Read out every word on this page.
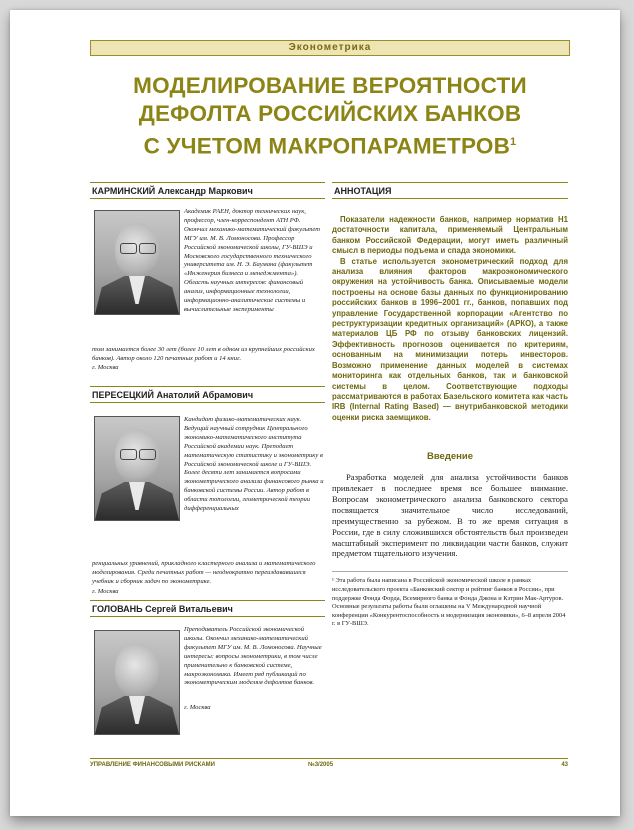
Эконометрика
МОДЕЛИРОВАНИЕ ВЕРОЯТНОСТИ
ДЕФОЛТА РОССИЙСКИХ БАНКОВ
С УЧЕТОМ МАКРОПАРАМЕТРОВ$^1$
КАРМИНСКИЙ Александр Маркович
Академик РАЕН, доктор технических наук, профессор, член-корреспондент АТН РФ. Окончил механико-математический факультет МГУ им. М. В. Ломоносова. Профессор Российской экономической школы, ГУ-ВШЭ и Московского государственного технического университета им. Н. Э. Баумана (факультет «Инженерия бизнеса и менеджмента»). Область научных интересов: финансовый анализ, информационные технологии, информационно-аналитические системы и вычислительные эксперименты
том занимается более 30 лет (более 10 лет в одном из крупнейших российских банков). Автор около 120 печатных работ и 14 книг.
г. Москва
ПЕРЕСЕЦКИЙ Анатолий Абрамович
Кандидат физико-математических наук. Ведущий научный сотрудник Центрального экономико-математического института Российской академии наук. Преподает математическую статистику и эконометрику в Российской экономической школе и ГУ-ВШЭ. Более десяти лет занимается вопросами эконометрического анализа финансового рынка и банковской системы России. Автор работ в области топологии, геометрической теории дифференциальных
ренциальных уравнений, прикладного кластерного анализа и математического моделирования. Среди печатных работ — неоднократно переиздававшиеся учебник и сборник задач по эконометрике.
г. Москва
ГОЛОВАНЬ Сергей Витальевич
Преподаватель Российской экономической школы. Окончил механико-математический факультет МГУ им. М. В. Ломоносова. Научные интересы: вопросы эконометрики, в том числе применительно к банковской системе, макроэкономика. Имеет ряд публикаций по эконометрическим моделям дефолтов банков.
г. Москва
АННОТАЦИЯ

Показатели надежности банков, например норматив Н1 достаточности капитала, применяемый Центральным банком Российской Федерации, могут иметь различный смысл в периоды подъема и спада экономики.

В статье используется эконометрический подход для анализа влияния факторов макроэкономического окружения на устойчивость банка. Описываемые модели построены на основе базы данных по функционированию российских банков в 1996–2001 гг., банков, попавших под управление Государственной корпорации «Агентство по реструктуризации кредитных организаций» (АРКО), а также материалов ЦБ РФ по отзыву банковских лицензий. Эффективность прогнозов оценивается по критериям, основанным на минимизации потерь инвесторов. Возможно применение данных моделей в системах мониторинга как отдельных банков, так и банковской системы в целом. Соответствующие подходы рассматриваются в работах Базельского комитета как часть IRB (Internal Rating Based) — внутрибанковской методики оценки риска заемщиков.

Введение
Разработка моделей для анализа устойчивости банков привлекает в последнее время все большее внимание. Вопросам эконометрического анализа банковского сектора посвящается значительное число исследований, преимущественно за рубежом. В то же время ситуация в России, где в силу сложившихся обстоятельств был произведен масштабный эксперимент по ликвидации части банков, служит предметом тщательного изучения.
¹ Эта работа была написана в Российской экономической школе в рамках исследовательского проекта «Банковский сектор и рейтинг банков в России», при поддержке Фонда Форда, Всемирного банка и Фонда Джона и Кэтрин Мак-Артуров. Основные результаты работы были оглашены на V Международной научной конференции «Конкурентоспособность и модернизация экономики», 6–8 апреля 2004 г. в ГУ-ВШЭ.
УПРАВЛЕНИЕ ФИНАНСОВЫМИ РИСКАМИ	№3/2005	43
